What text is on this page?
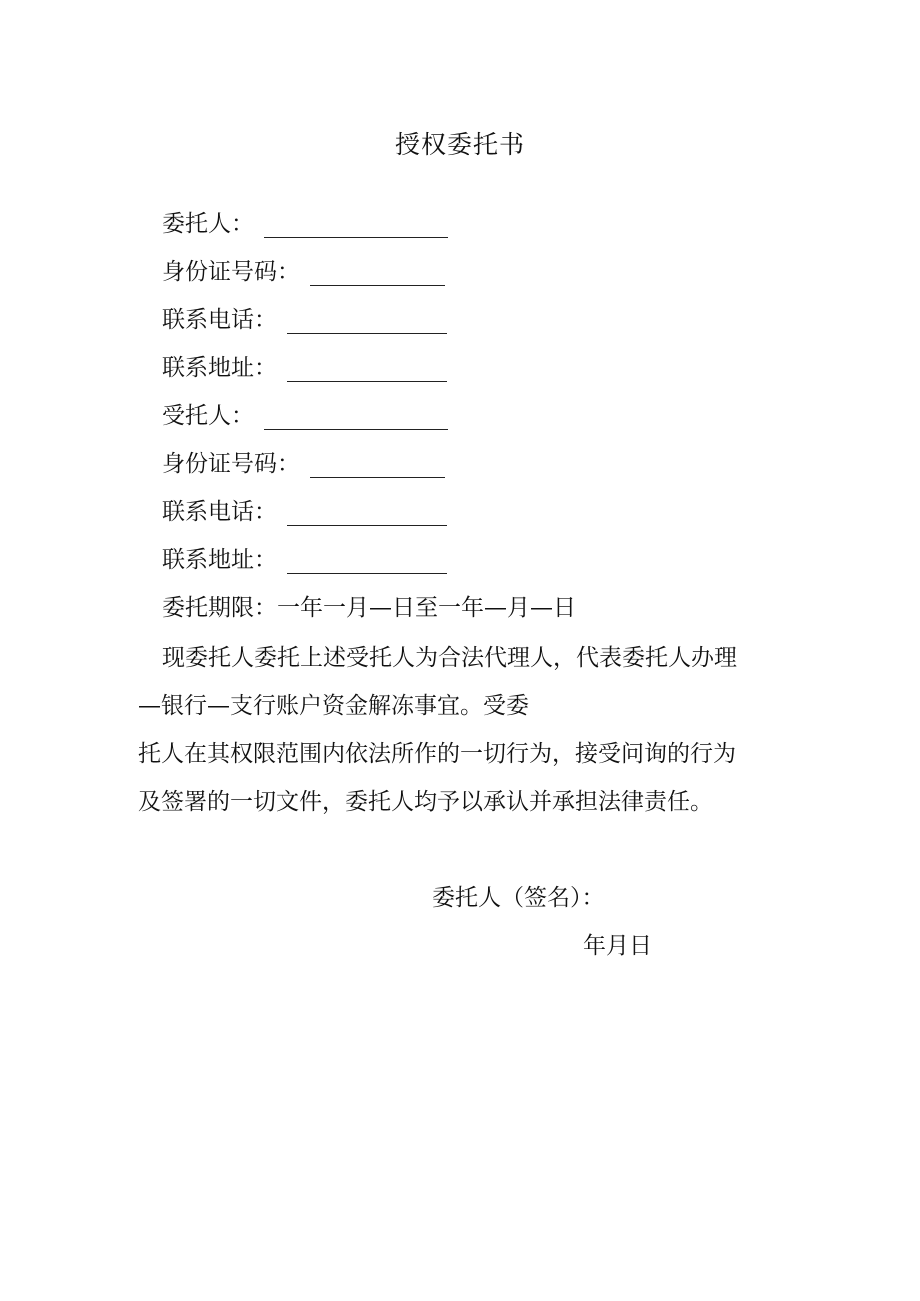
授权委托书
委托人：
身份证号码：
联系电话：
联系地址：
受托人：
身份证号码：
联系电话：
联系地址：

委托期限：一年一月—日至一年—月—日

现委托人委托上述受托人为合法代理人，代表委托人办理

—银行—支行账户资金解冻事宜。受委

托人在其权限范围内依法所作的一切行为，接受问询的行为

及签署的一切文件，委托人均予以承认并承担法律责任。

委托人（签名）：

年月日
